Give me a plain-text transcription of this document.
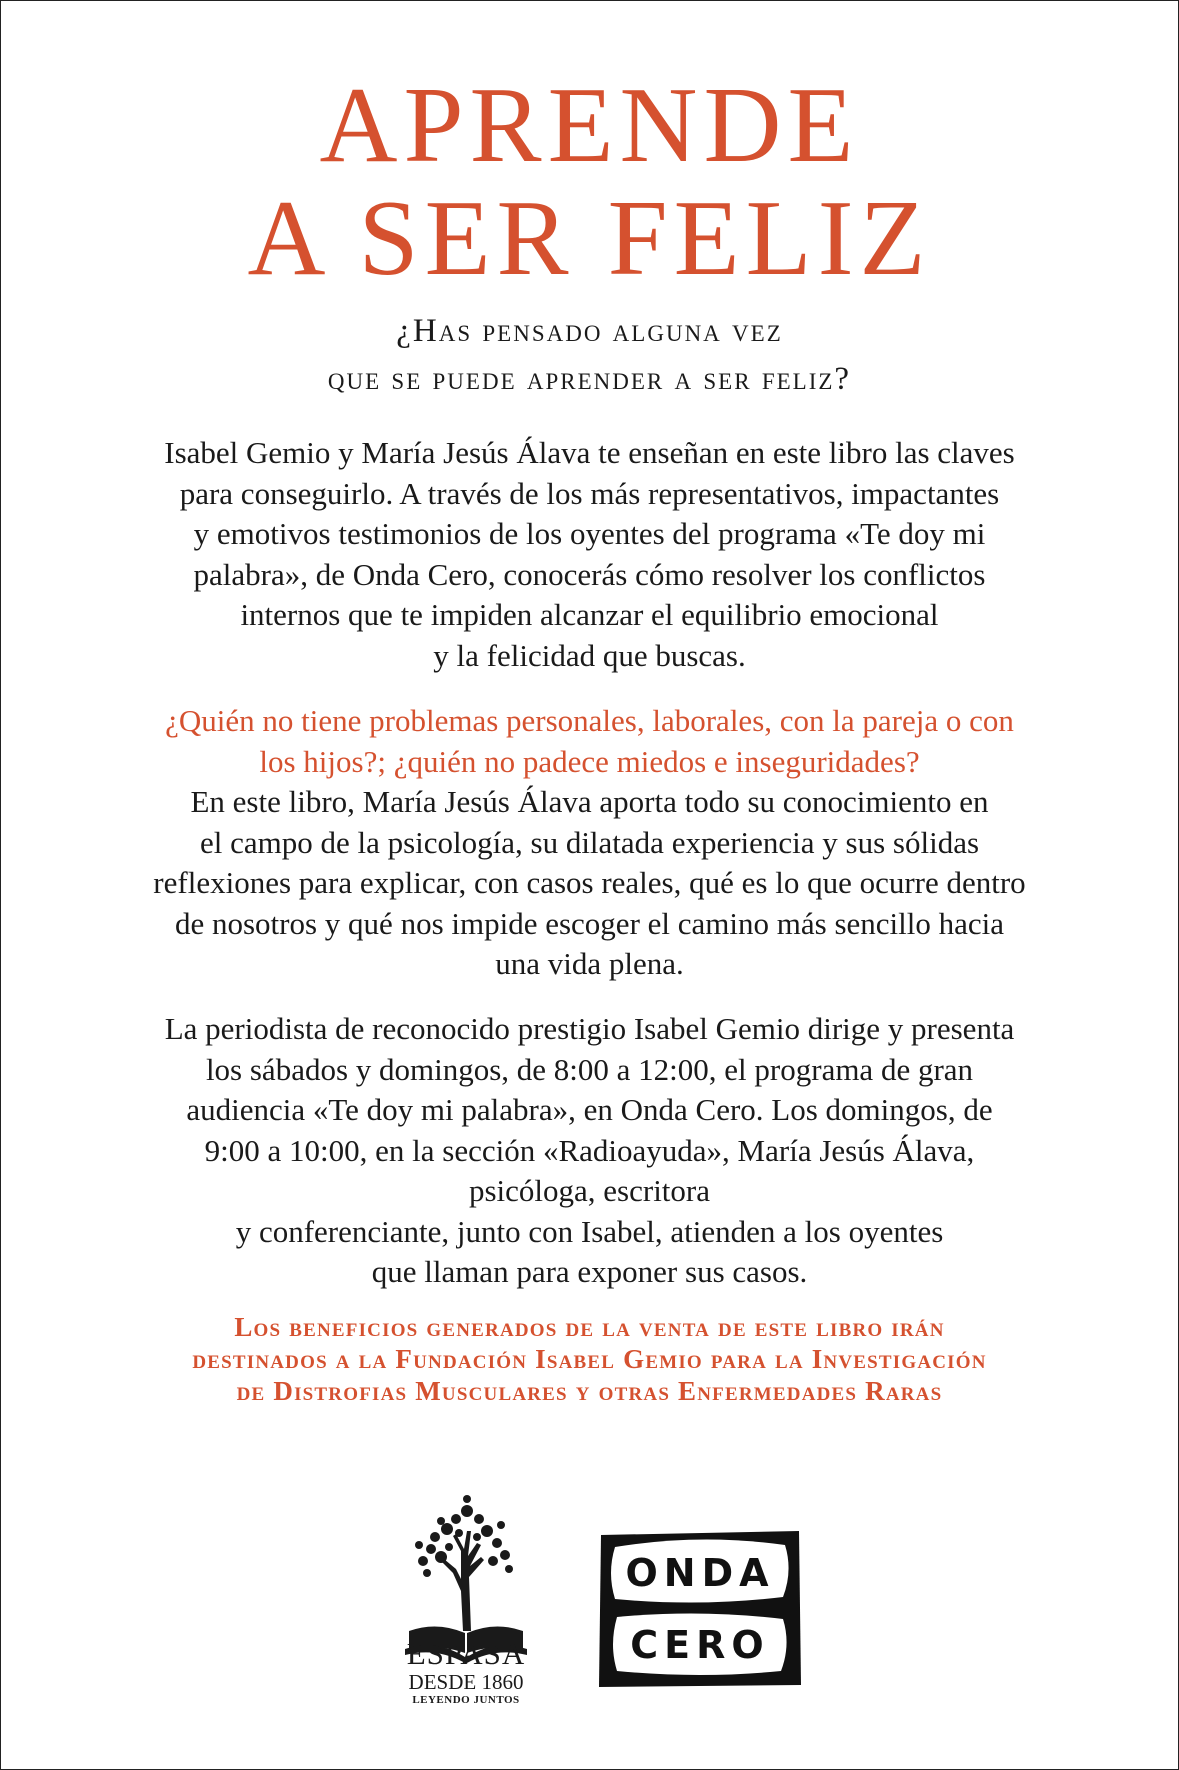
APRENDE
A SER FELIZ
¿Has pensado alguna vez
que se puede aprender a ser feliz?
Isabel Gemio y María Jesús Álava te enseñan en este libro las claves
para conseguirlo. A través de los más representativos, impactantes
y emotivos testimonios de los oyentes del programa «Te doy mi
palabra», de Onda Cero, conocerás cómo resolver los conflictos
internos que te impiden alcanzar el equilibrio emocional
y la felicidad que buscas.
¿Quién no tiene problemas personales, laborales, con la pareja o con
los hijos?; ¿quién no padece miedos e inseguridades?
En este libro, María Jesús Álava aporta todo su conocimiento en
el campo de la psicología, su dilatada experiencia y sus sólidas
reflexiones para explicar, con casos reales, qué es lo que ocurre dentro
de nosotros y qué nos impide escoger el camino más sencillo hacia
una vida plena.
La periodista de reconocido prestigio Isabel Gemio dirige y presenta
los sábados y domingos, de 8:00 a 12:00, el programa de gran
audiencia «Te doy mi palabra», en Onda Cero. Los domingos, de
9:00 a 10:00, en la sección «Radioayuda», María Jesús Álava,
psicóloga, escritora
y conferenciante, junto con Isabel, atienden a los oyentes
que llaman para exponer sus casos.
Los beneficios generados de la venta de este libro irán
destinados a la Fundación Isabel Gemio para la Investigación
de Distrofias Musculares y otras Enfermedades Raras
ESPASA
DESDE 1860
LEYENDO JUNTOS
ONDA
CERO
